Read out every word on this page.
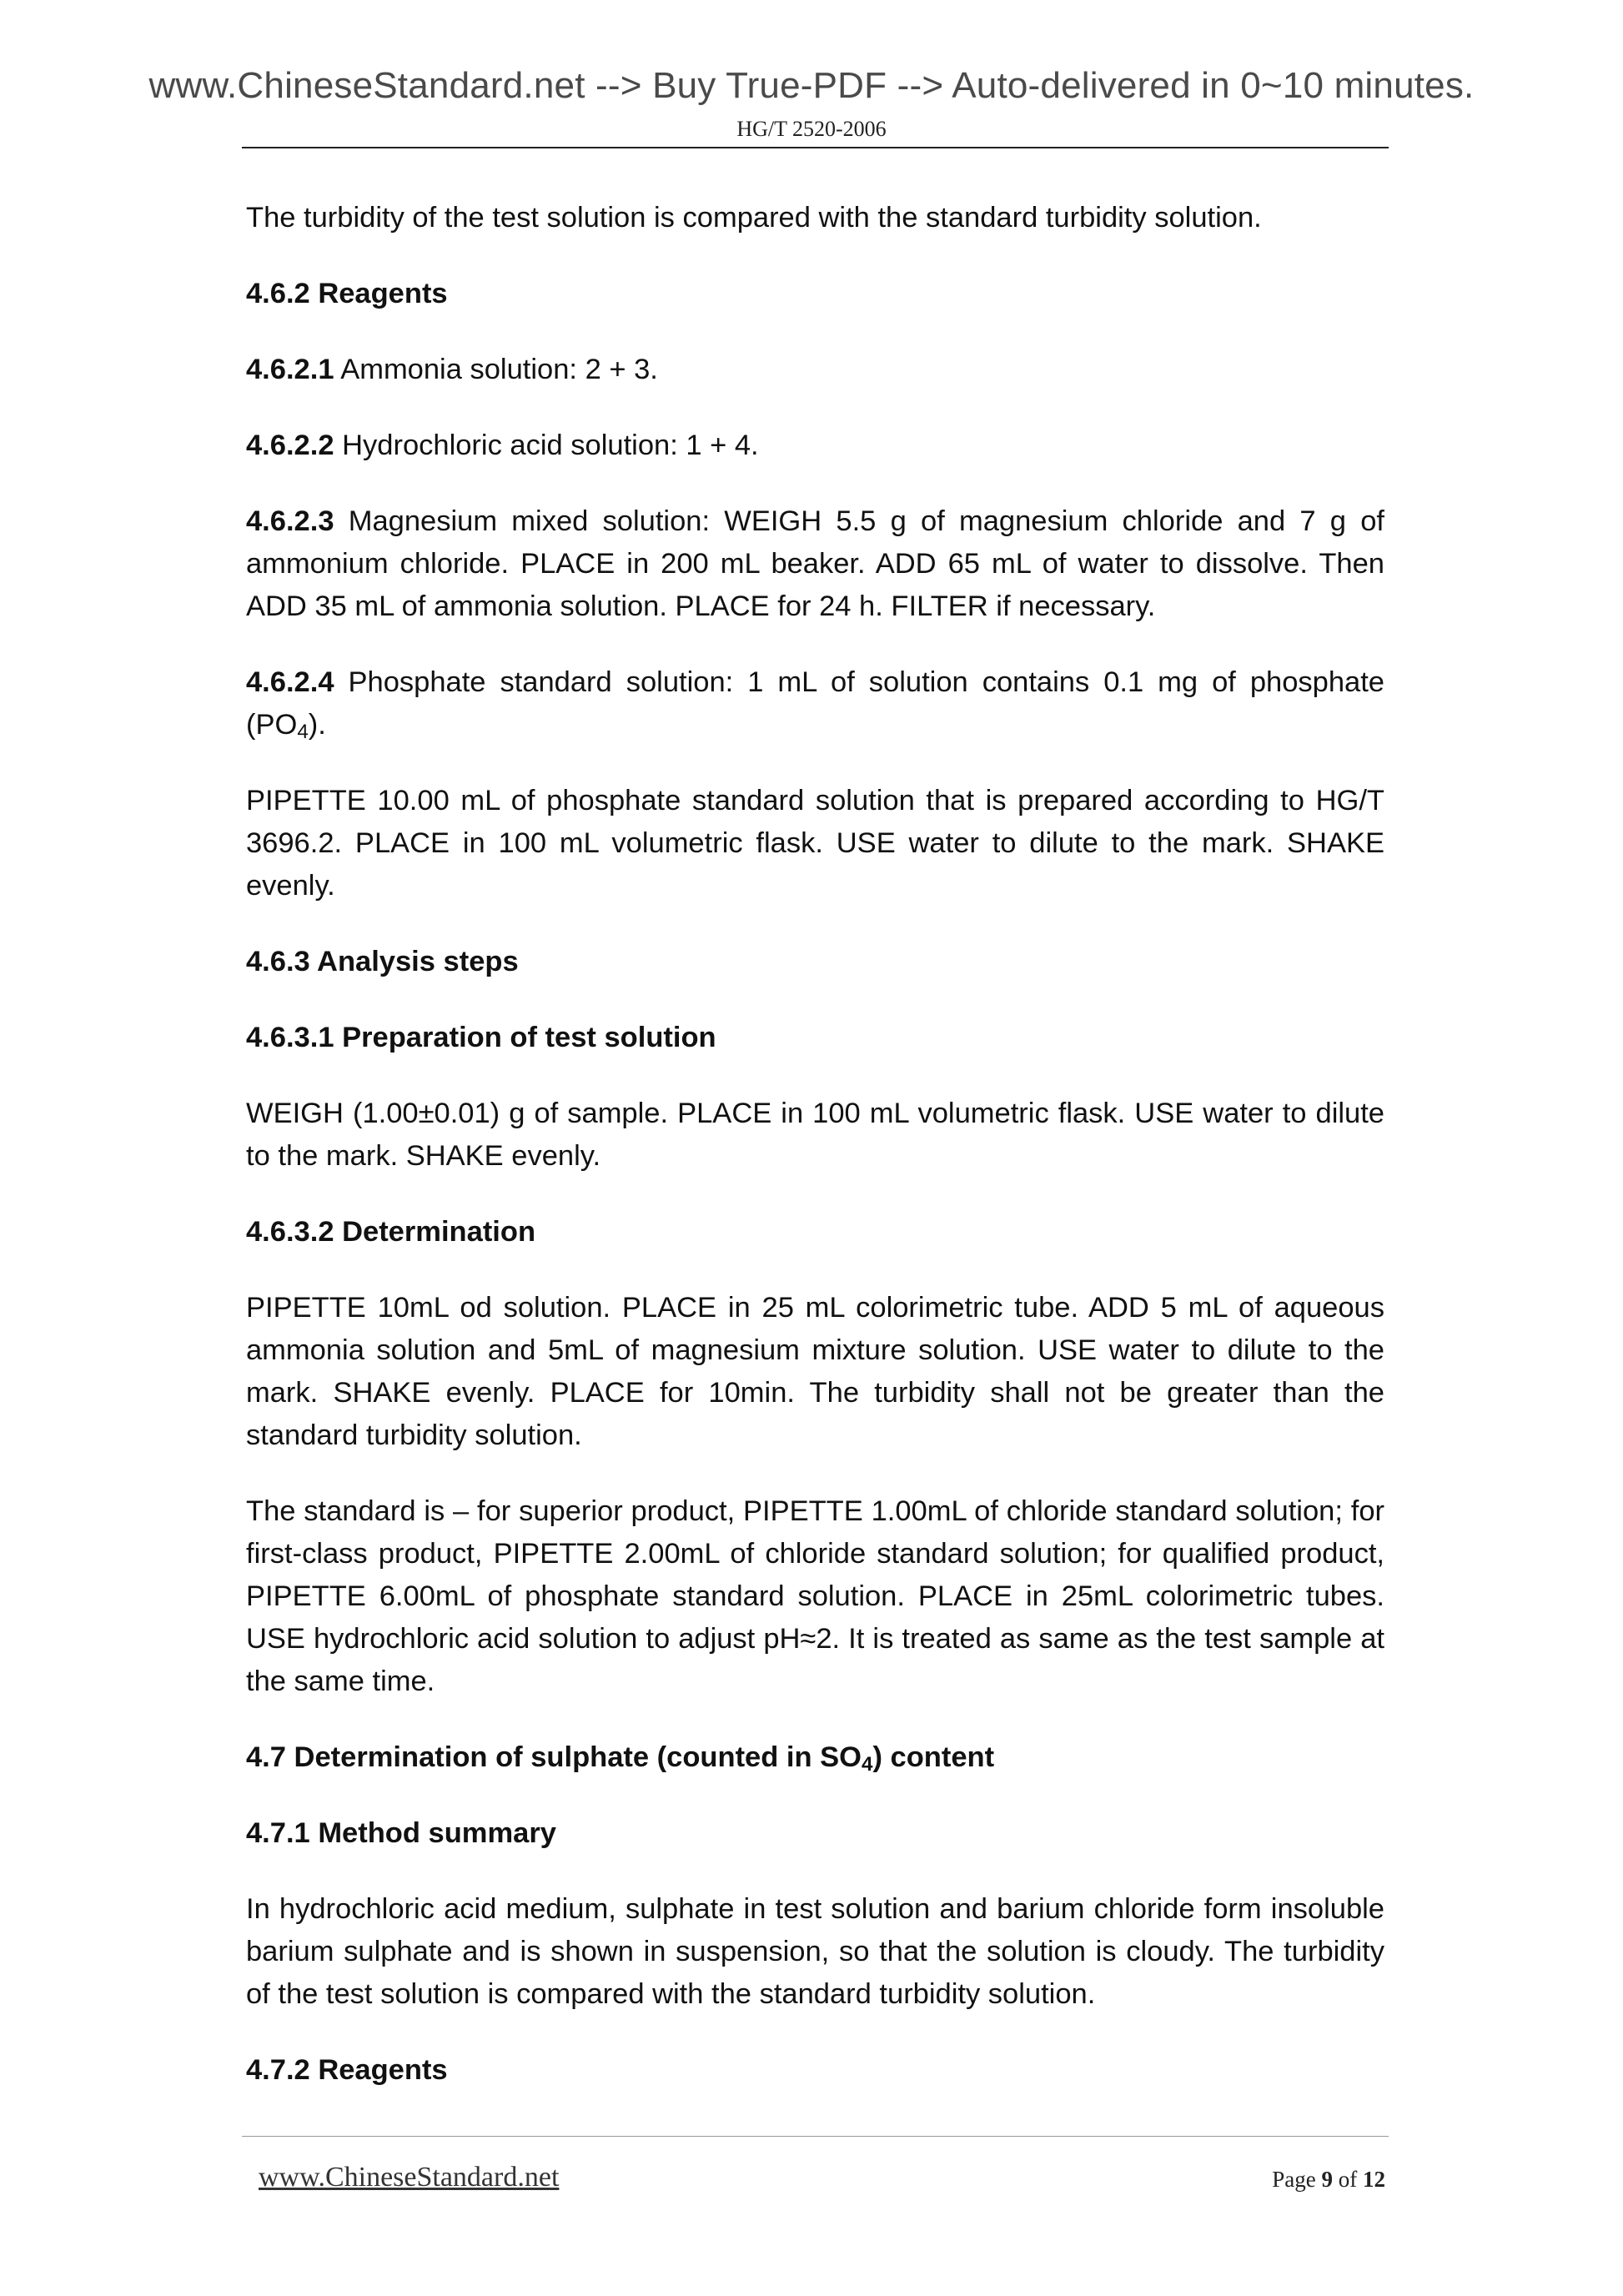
www.ChineseStandard.net --> Buy True-PDF --> Auto-delivered in 0~10 minutes.
HG/T 2520-2006

The turbidity of the test solution is compared with the standard turbidity solution.

4.6.2 Reagents

4.6.2.1 Ammonia solution: 2 + 3.

4.6.2.2 Hydrochloric acid solution: 1 + 4.

4.6.2.3 Magnesium mixed solution: WEIGH 5.5 g of magnesium chloride and 7 g of ammonium chloride. PLACE in 200 mL beaker. ADD 65 mL of water to dissolve. Then ADD 35 mL of ammonia solution. PLACE for 24 h. FILTER if necessary.

4.6.2.4 Phosphate standard solution: 1 mL of solution contains 0.1 mg of phosphate $(PO_4)$.

PIPETTE 10.00 mL of phosphate standard solution that is prepared according to HG/T 3696.2. PLACE in 100 mL volumetric flask. USE water to dilute to the mark. SHAKE evenly.

4.6.3 Analysis steps

4.6.3.1 Preparation of test solution

WEIGH (1.00±0.01) g of sample. PLACE in 100 mL volumetric flask. USE water to dilute to the mark. SHAKE evenly.

4.6.3.2 Determination

PIPETTE 10mL od solution. PLACE in 25 mL colorimetric tube. ADD 5 mL of aqueous ammonia solution and 5mL of magnesium mixture solution. USE water to dilute to the mark. SHAKE evenly. PLACE for 10min. The turbidity shall not be greater than the standard turbidity solution.

The standard is – for superior product, PIPETTE 1.00mL of chloride standard solution; for first-class product, PIPETTE 2.00mL of chloride standard solution; for qualified product, PIPETTE 6.00mL of phosphate standard solution. PLACE in 25mL colorimetric tubes. USE hydrochloric acid solution to adjust pH≈2. It is treated as same as the test sample at the same time.

4.7 Determination of sulphate (counted in $SO_4$) content

4.7.1 Method summary

In hydrochloric acid medium, sulphate in test solution and barium chloride form insoluble barium sulphate and is shown in suspension, so that the solution is cloudy. The turbidity of the test solution is compared with the standard turbidity solution.

4.7.2 Reagents

www.ChineseStandard.net	Page 9 of 12
